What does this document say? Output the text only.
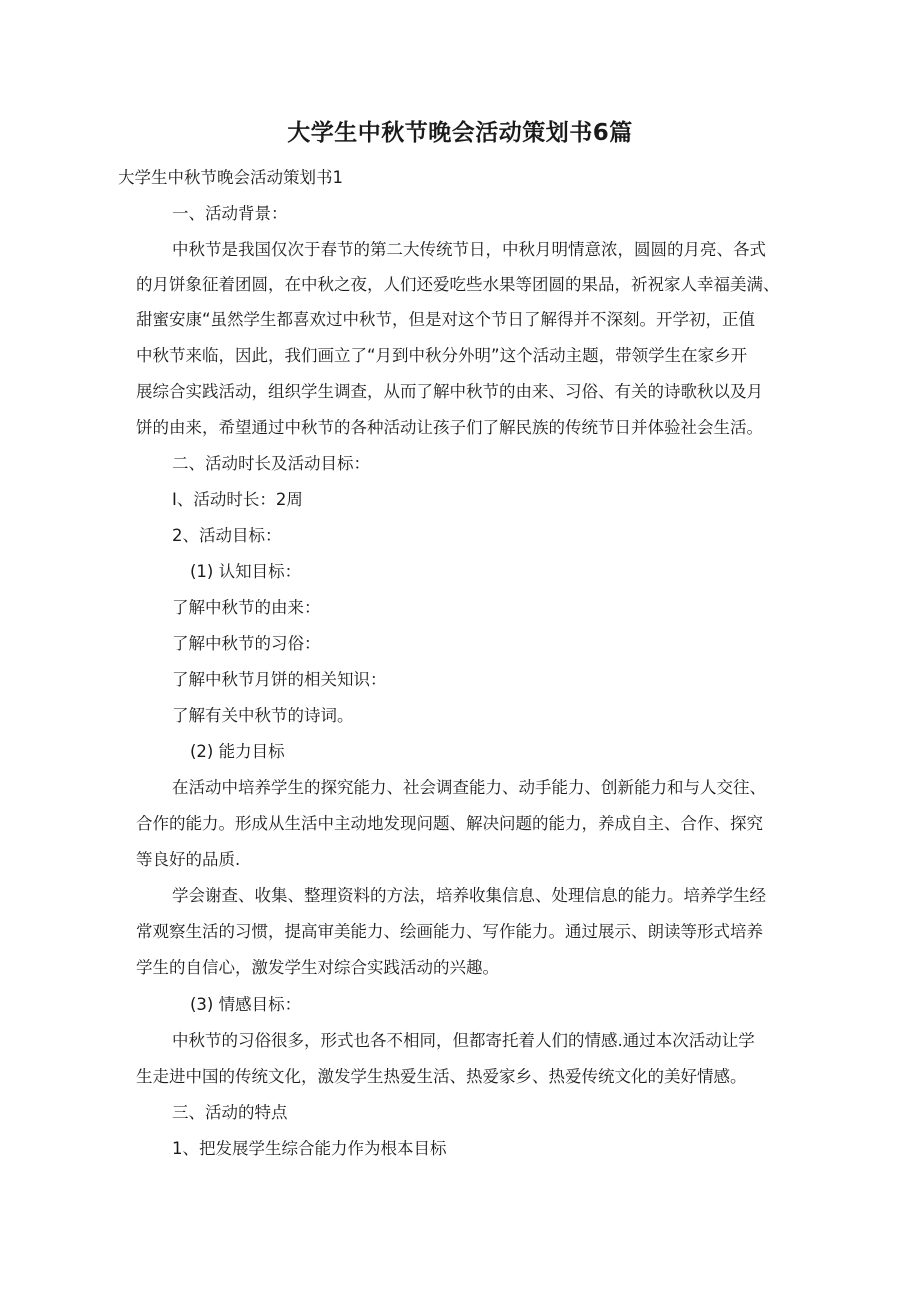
大学生中秋节晚会活动策划书6篇
大学生中秋节晚会活动策划书1
一、活动背景：
中秋节是我国仅次于春节的第二大传统节日，中秋月明情意浓，圆圆的月亮、各式
的月饼象征着团圆，在中秋之夜，人们还爱吃些水果等团圆的果品，祈祝家人幸福美满、
甜蜜安康“虽然学生都喜欢过中秋节，但是对这个节日了解得并不深刻。开学初，正值
中秋节来临，因此，我们画立了“月到中秋分外明”这个活动主题，带领学生在家乡开
展综合实践活动，组织学生调查，从而了解中秋节的由来、习俗、有关的诗歌秋以及月
饼的由来，希望通过中秋节的各种活动让孩子们了解民族的传统节日并体验社会生活。
二、活动时长及活动目标：
I、活动时长：2周
2、活动目标：
(1) 认知目标：
了解中秋节的由来：
了解中秋节的习俗：
了解中秋节月饼的相关知识：
了解有关中秋节的诗词。
(2) 能力目标
在活动中培养学生的探究能力、社会调查能力、动手能力、创新能力和与人交往、
合作的能力。形成从生活中主动地发现问题、解决问题的能力，养成自主、合作、探究
等良好的品质.
学会谢查、收集、整理资料的方法，培养收集信息、处理信息的能力。培养学生经
常观察生活的习惯，提高审美能力、绘画能力、写作能力。通过展示、朗读等形式培养
学生的自信心，激发学生对综合实践活动的兴趣。
(3) 情感目标：
中秋节的习俗很多，形式也各不相同，但都寄托着人们的情感.通过本次活动让学
生走进中国的传统文化，激发学生热爱生活、热爱家乡、热爱传统文化的美好情感。
三、活动的特点
1、把发展学生综合能力作为根本目标
